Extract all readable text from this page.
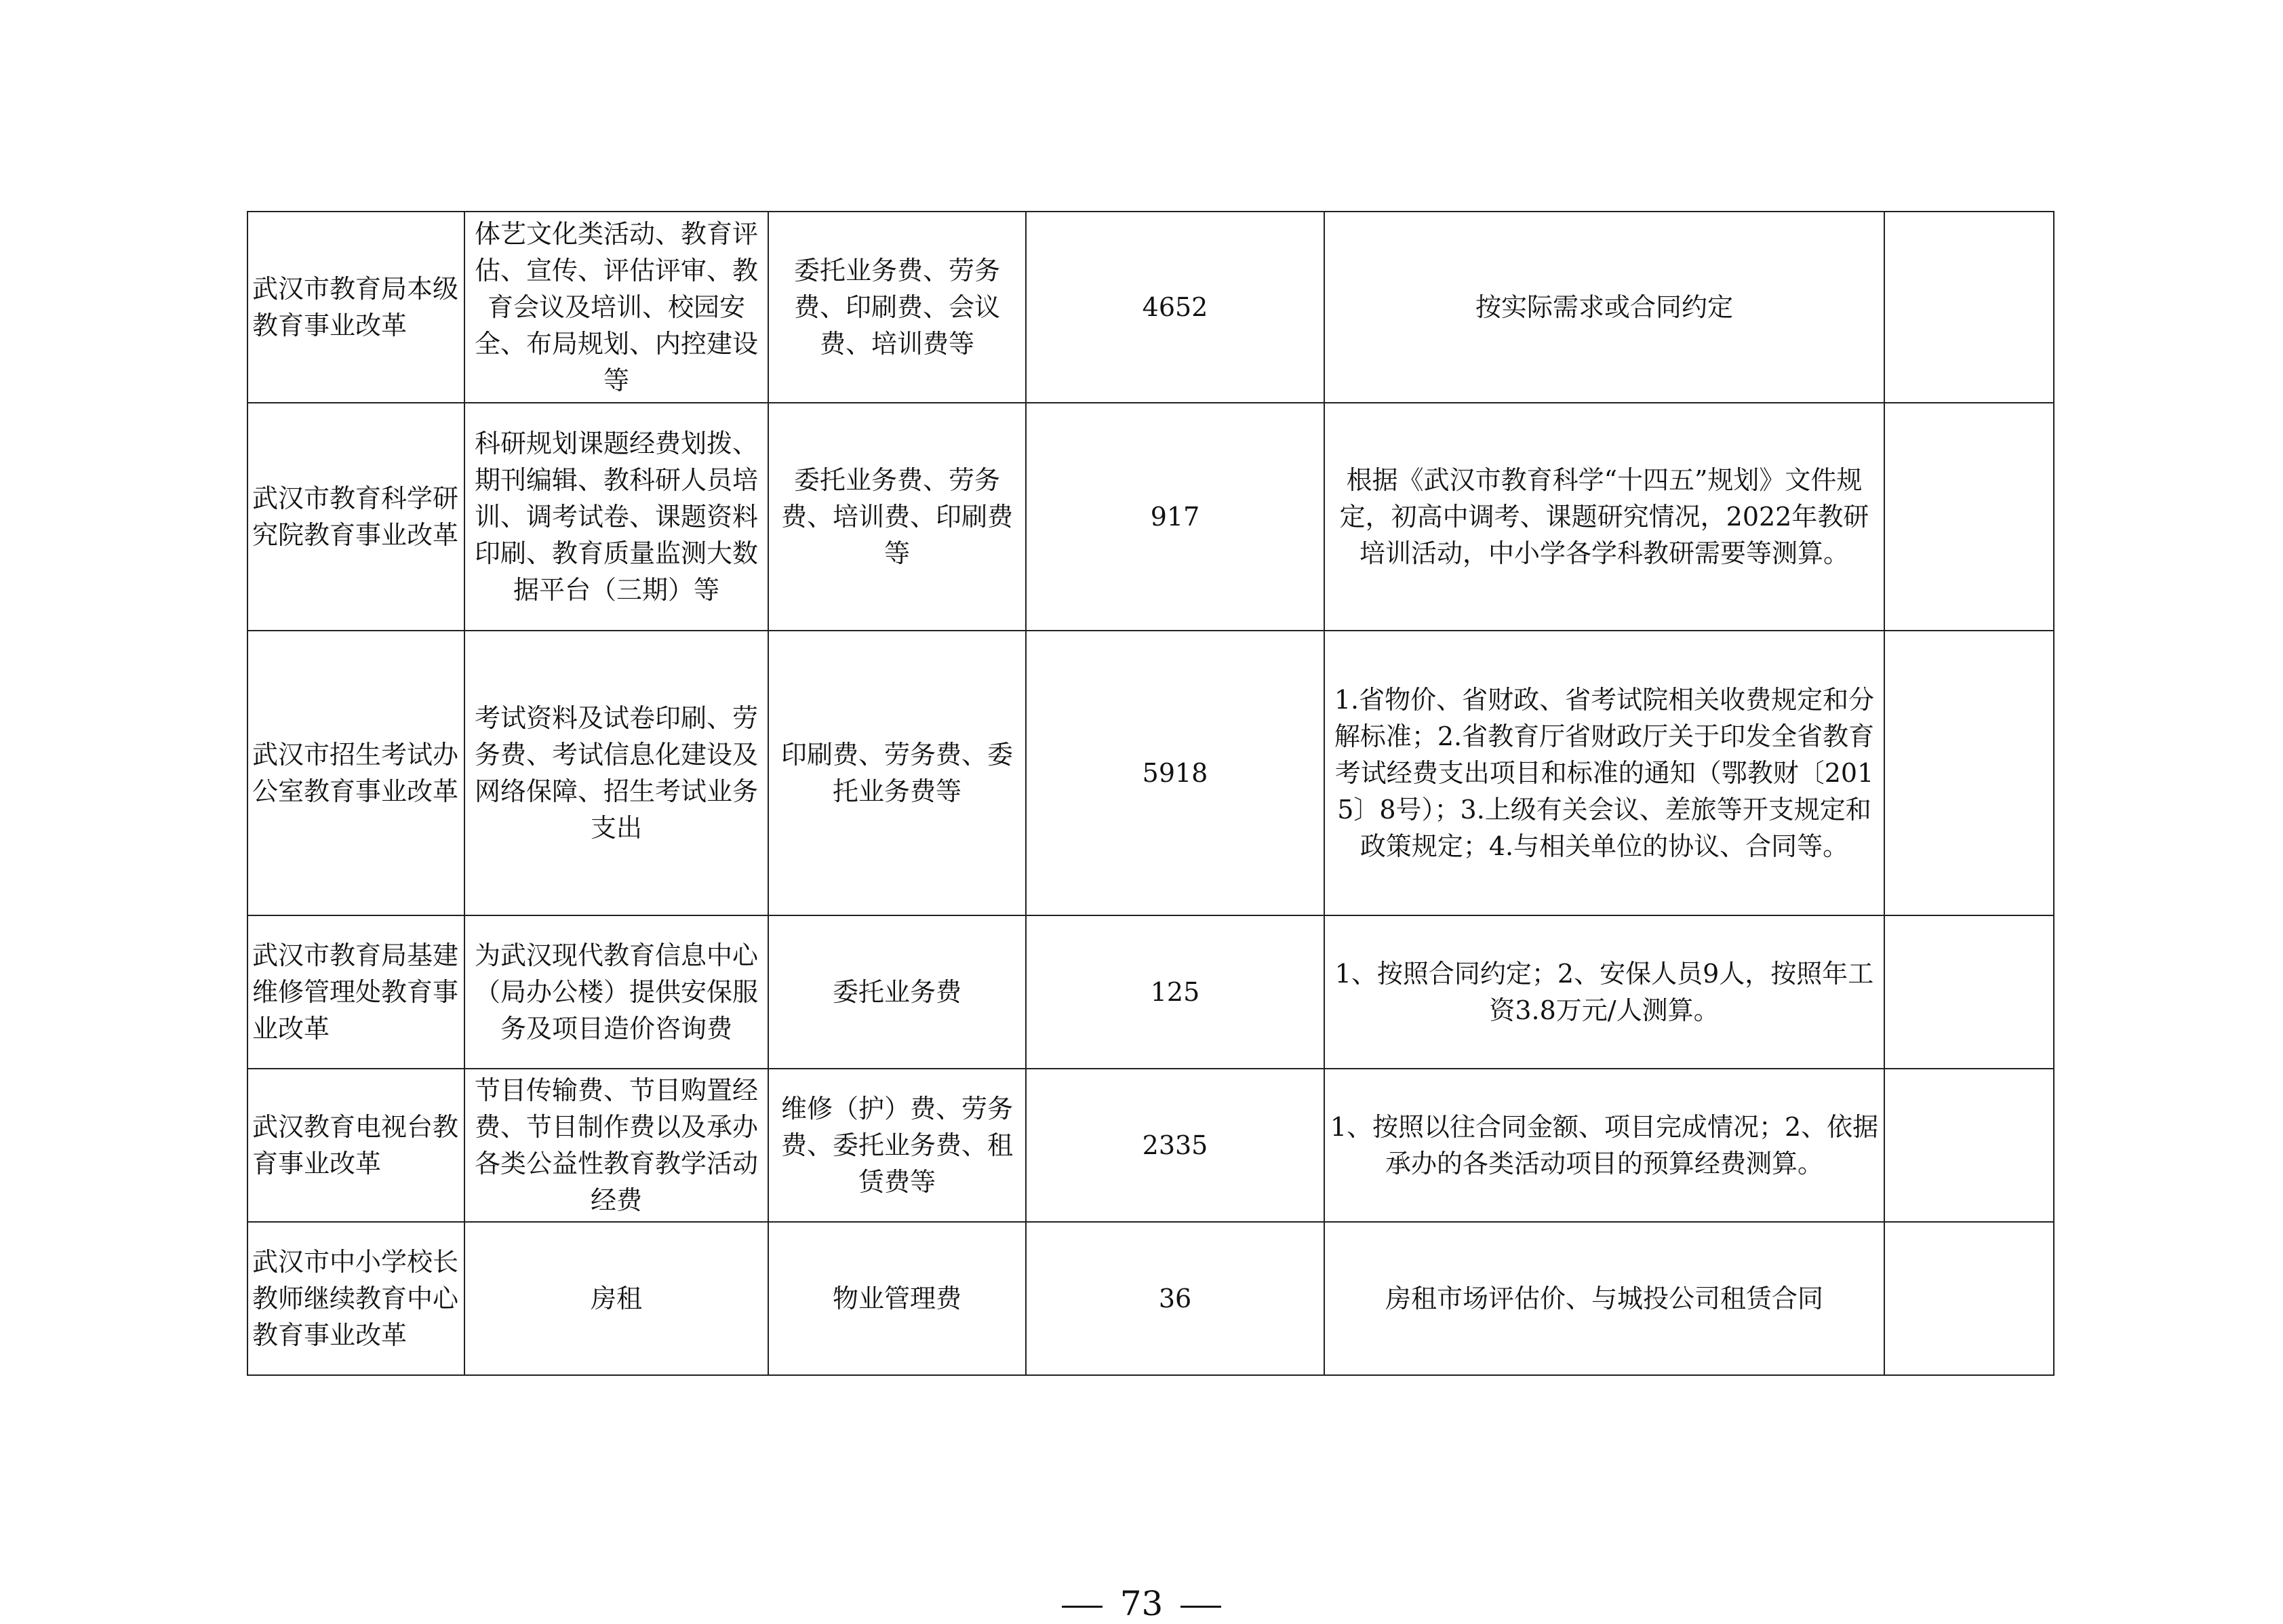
武汉市教育局本级教育事业改革	体艺文化类活动、教育评估、宣传、评估评审、教育会议及培训、校园安全、布局规划、内控建设等	委托业务费、劳务费、印刷费、会议费、培训费等	4652	按实际需求或合同约定	
武汉市教育科学研究院教育事业改革	科研规划课题经费划拨、期刊编辑、教科研人员培训、调考试卷、课题资料印刷、教育质量监测大数据平台（三期）等	委托业务费、劳务费、培训费、印刷费等	917	根据《武汉市教育科学“十四五”规划》文件规定，初高中调考、课题研究情况，2022年教研培训活动，中小学各学科教研需要等测算。	
武汉市招生考试办公室教育事业改革	考试资料及试卷印刷、劳务费、考试信息化建设及网络保障、招生考试业务支出	印刷费、劳务费、委托业务费等	5918	1.省物价、省财政、省考试院相关收费规定和分解标准；2.省教育厅省财政厅关于印发全省教育考试经费支出项目和标准的通知（鄂教财〔2015〕8号）；3.上级有关会议、差旅等开支规定和政策规定；4.与相关单位的协议、合同等。	
武汉市教育局基建维修管理处教育事业改革	为武汉现代教育信息中心（局办公楼）提供安保服务及项目造价咨询费	委托业务费	125	1、按照合同约定；2、安保人员9人，按照年工资3.8万元/人测算。	
武汉教育电视台教育事业改革	节目传输费、节目购置经费、节目制作费以及承办各类公益性教育教学活动经费	维修（护）费、劳务费、委托业务费、租赁费等	2335	1、按照以往合同金额、项目完成情况；2、依据承办的各类活动项目的预算经费测算。	
武汉市中小学校长教师继续教育中心教育事业改革	房租	物业管理费	36	房租市场评估价、与城投公司租赁合同	
73
